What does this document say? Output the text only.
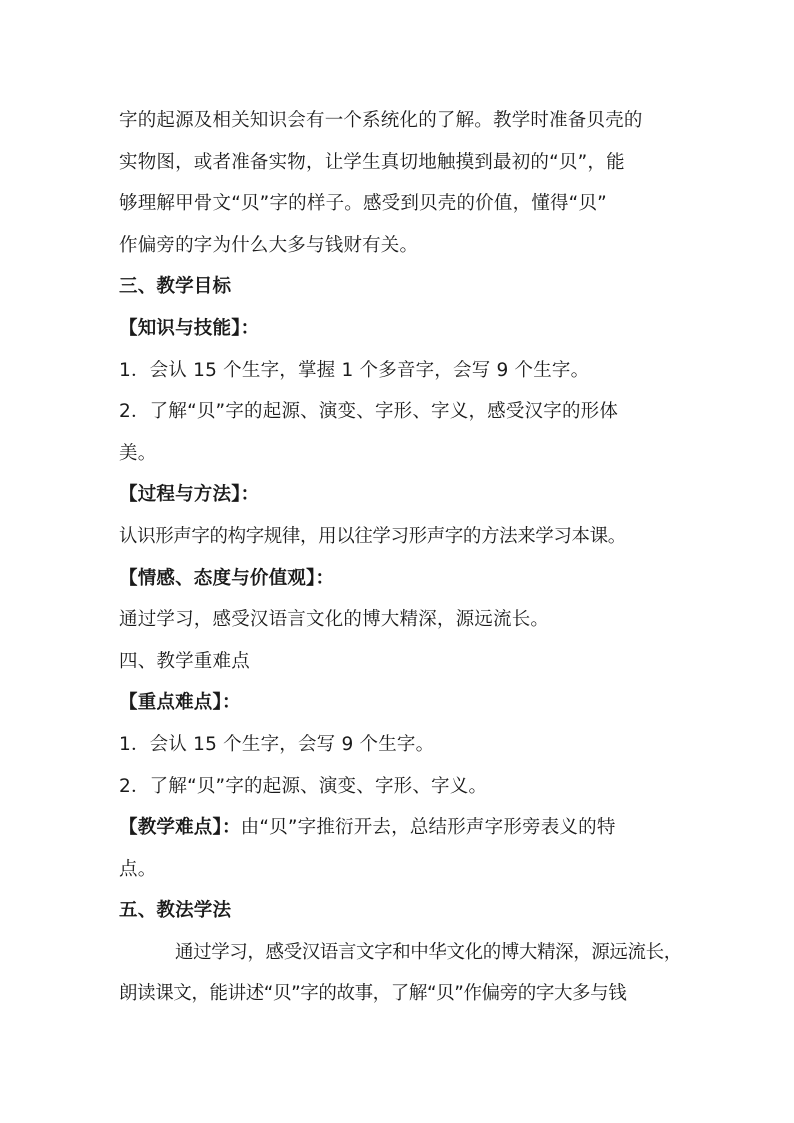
字的起源及相关知识会有一个系统化的了解。教学时准备贝壳的
实物图，或者准备实物，让学生真切地触摸到最初的“贝”，能
够理解甲骨文“贝”字的样子。感受到贝壳的价值，懂得“贝”
作偏旁的字为什么大多与钱财有关。
三、教学目标
【知识与技能】：
1．会认 15 个生字，掌握 1 个多音字，会写 9 个生字。
2．了解“贝”字的起源、演变、字形、字义，感受汉字的形体
美。
【过程与方法】：
认识形声字的构字规律，用以往学习形声字的方法来学习本课。
【情感、态度与价值观】：
通过学习，感受汉语言文化的博大精深，源远流长。
四、教学重难点
【重点难点】：
1．会认 15 个生字，会写 9 个生字。
2．了解“贝”字的起源、演变、字形、字义。
【教学难点】：由“贝”字推衍开去，总结形声字形旁表义的特
点。
五、教法学法
通过学习，感受汉语言文字和中华文化的博大精深，源远流长，
朗读课文，能讲述“贝”字的故事，了解“贝”作偏旁的字大多与钱
